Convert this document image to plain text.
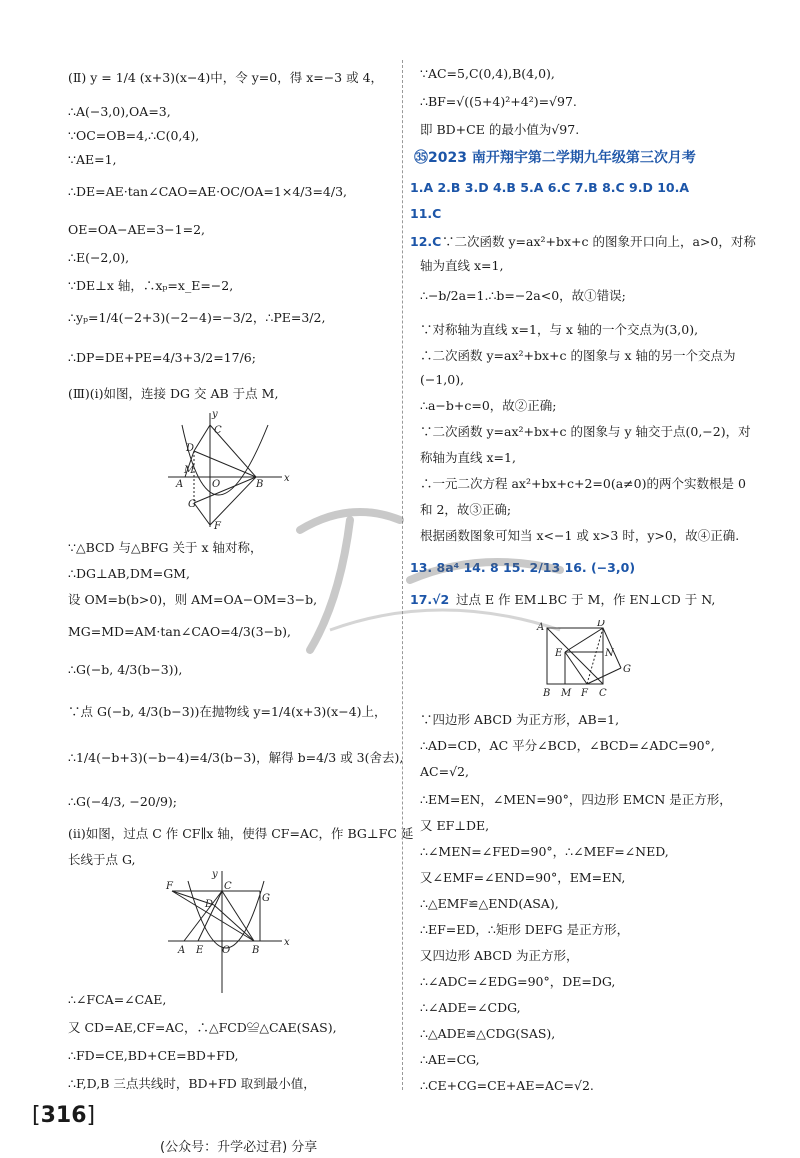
(Ⅱ) y = 1/4 (x+3)(x−4)中，令 y=0，得 x=−3 或 4，
∴A(−3,0),OA=3,
∵OC=OB=4,∴C(0,4),
∵AE=1,
∴DE=AE·tan∠CAO=AE·OC/OA=1×4/3=4/3,
OE=OA−AE=3−1=2,
∴E(−2,0),
∵DE⊥x 轴，∴xₚ=x_E=−2,
∴yₚ=1/4(−2+3)(−2−4)=−3/2，∴PE=3/2,
∴DP=DE+PE=4/3+3/2=17/6;
(Ⅲ)(ⅰ)如图，连接 DG 交 AB 于点 M,
∵△BCD 与△BFG 关于 x 轴对称，
∴DG⊥AB,DM=GM,
设 OM=b(b>0)，则 AM=OA−OM=3−b,
MG=MD=AM·tan∠CAO=4/3(3−b),
∴G(−b, 4/3(b−3)),
∵点 G(−b, 4/3(b−3))在抛物线 y=1/4(x+3)(x−4)上，
∴1/4(−b+3)(−b−4)=4/3(b−3)，解得 b=4/3 或 3(舍去),
∴G(−4/3, −20/9);
(ⅱ)如图，过点 C 作 CF∥x 轴，使得 CF=AC，作 BG⊥FC 延
长线于点 G,
∴∠FCA=∠CAE,
又 CD=AE,CF=AC，∴△FCD≌△CAE(SAS),
∴FD=CE,BD+CE=BD+FD,
∴F,D,B 三点共线时，BD+FD 取到最小值，
y
x
C
D
M
A	O
G
B
F
y
x
F	C
D
G
A E O B
∵AC=5,C(0,4),B(4,0),
∴BF=√((5+4)²+4²)=√97.
即 BD+CE 的最小值为√97.
㉟2023 南开翔宇第二学期九年级第三次月考
1.A 2.B 3.D 4.B 5.A 6.C 7.B 8.C 9.D 10.A
11.C
12.C ∵二次函数 y=ax²+bx+c 的图象开口向上，a>0，对称
轴为直线 x=1,
∴−b/2a=1.∴b=−2a<0，故①错误;
∵对称轴为直线 x=1，与 x 轴的一个交点为(3,0),
∴二次函数 y=ax²+bx+c 的图象与 x 轴的另一个交点为
(−1,0),
∴a−b+c=0，故②正确;
∵二次函数 y=ax²+bx+c 的图象与 y 轴交于点(0,−2)，对
称轴为直线 x=1,
∴一元二次方程 ax²+bx+c+2=0(a≠0)的两个实数根是 0
和 2，故③正确;
根据函数图象可知当 x<−1 或 x>3 时，y>0，故④正确.
13. 8a⁴ 14. 8 15. 2/13 16. (−3,0)
17.√2 过点 E 作 EM⊥BC 于 M，作 EN⊥CD 于 N,
∵四边形 ABCD 为正方形，AB=1,
∴AD=CD，AC 平分∠BCD，∠BCD=∠ADC=90°,
AC=√2,
∴EM=EN，∠MEN=90°，四边形 EMCN 是正方形，
又 EF⊥DE,
∴∠MEN=∠FED=90°，∴∠MEF=∠NED,
又∠EMF=∠END=90°，EM=EN,
∴△EMF≌△END(ASA),
∴EF=ED，∴矩形 DEFG 是正方形，
又四边形 ABCD 为正方形，
∴∠ADC=∠EDG=90°，DE=DG,
∴∠ADE=∠CDG,
∴△ADE≌△CDG(SAS),
∴AE=CG,
∴CE+CG=CE+AE=AC=√2.
A	D
E	N
G
B M F C
[316]
(公众号：升学必过君) 分享
